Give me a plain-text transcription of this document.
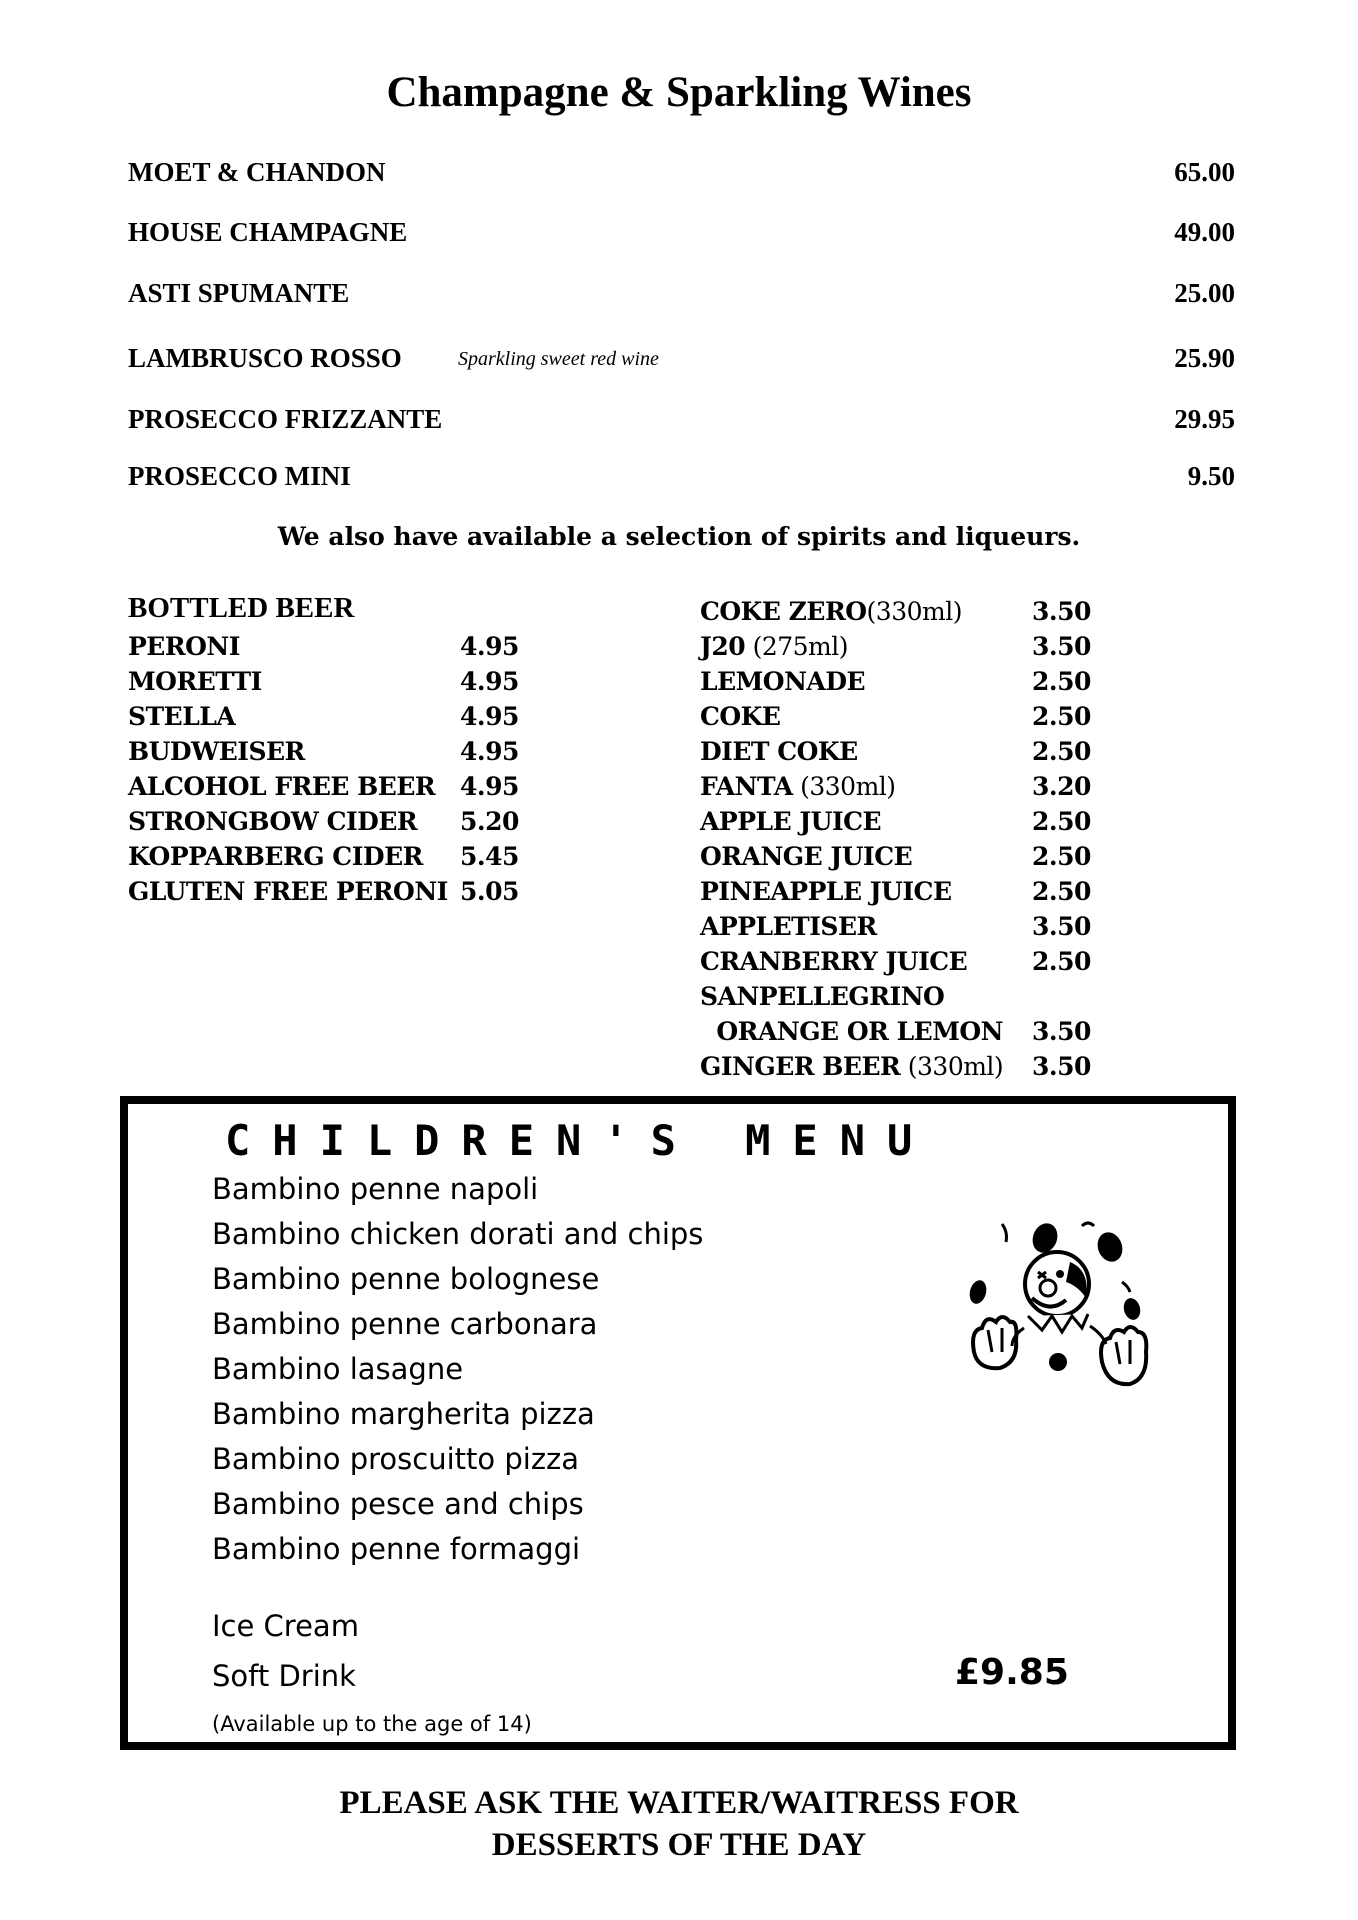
Champagne & Sparkling Wines
MOET & CHANDON	65.00
HOUSE CHAMPAGNE	49.00
ASTI SPUMANTE	25.00
LAMBRUSCO ROSSO	Sparkling sweet red wine	25.90
PROSECCO FRIZZANTE	29.95
PROSECCO MINI	9.50
We also have available a selection of spirits and liqueurs.
BOTTLED BEER
PERONI	4.95
MORETTI	4.95
STELLA	4.95
BUDWEISER	4.95
ALCOHOL FREE BEER 4.95
STRONGBOW CIDER 5.20
KOPPARBERG CIDER 5.45
GLUTEN FREE PERONI 5.05
COKE ZERO(330ml)	3.50
J20 (275ml)	3.50
LEMONADE	2.50
COKE	2.50
DIET COKE	2.50
FANTA (330ml)	3.20
APPLE JUICE	2.50
ORANGE JUICE	2.50
PINEAPPLE JUICE	2.50
APPLETISER	3.50
CRANBERRY JUICE	2.50
SANPELLEGRINO
ORANGE OR LEMON 3.50
GINGER BEER (330ml) 3.50
CHILDREN'S MENU
Bambino penne napoli
Bambino chicken dorati and chips
Bambino penne bolognese
Bambino penne carbonara
Bambino lasagne
Bambino margherita pizza
Bambino proscuitto pizza
Bambino pesce and chips
Bambino penne formaggi
Ice Cream
Soft Drink	£9.85
(Available up to the age of 14)
PLEASE ASK THE WAITER/WAITRESS FOR
DESSERTS OF THE DAY
